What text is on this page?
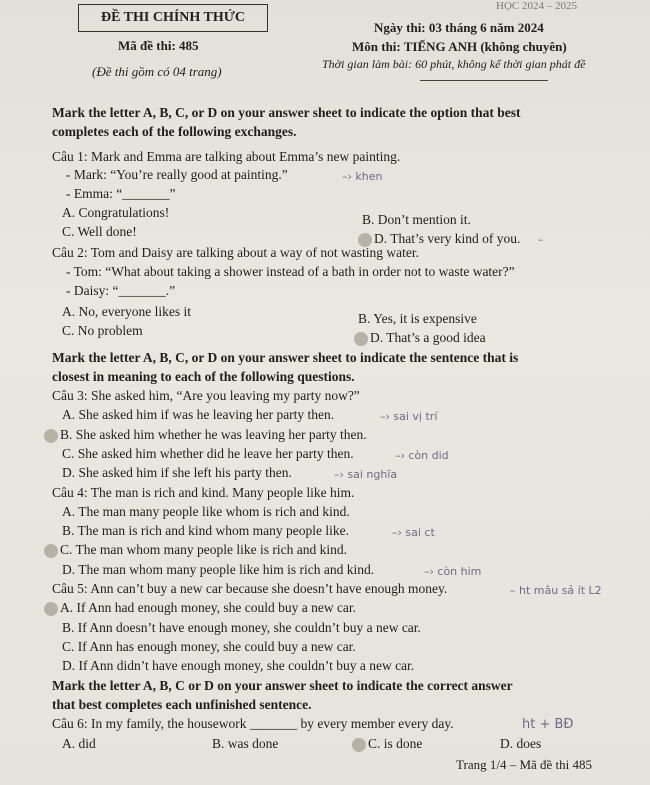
ĐỀ THI CHÍNH THỨC
HỌC 2024 – 2025
Mã đề thi: 485
(Đề thi gồm có 04 trang)
Ngày thi: 03 tháng 6 năm 2024
Môn thi: TIẾNG ANH (không chuyên)
Thời gian làm bài: 60 phút, không kể thời gian phát đề
Mark the letter A, B, C, or D on your answer sheet to indicate the option that best
completes each of the following exchanges.
Câu 1: Mark and Emma are talking about Emma’s new painting.
- Mark: “You’re really good at painting.”	–› khen
- Emma: “_______”
A. Congratulations!	B. Don’t mention it.
C. Well done!	D. That’s very kind of you. –
Câu 2: Tom and Daisy are talking about a way of not wasting water.
- Tom: “What about taking a shower instead of a bath in order not to waste water?”
- Daisy: “_______.”
A. No, everyone likes it	B. Yes, it is expensive
C. No problem	D. That’s a good idea
Mark the letter A, B, C, or D on your answer sheet to indicate the sentence that is
closest in meaning to each of the following questions.
Câu 3: She asked him, “Are you leaving my party now?”
A. She asked him if was he leaving her party then.	–› sai vị trí
B. She asked him whether he was leaving her party then.
C. She asked him whether did he leave her party then.	–› còn did
D. She asked him if she left his party then.	–› sai nghĩa
Câu 4: The man is rich and kind. Many people like him.
A. The man many people like whom is rich and kind.
B. The man is rich and kind whom many people like.	–› sai ct
C. The man whom many people like is rich and kind.
D. The man whom many people like him is rich and kind.	–› còn him
Câu 5: Ann can’t buy a new car because she doesn’t have enough money.	– ht mâu sả ít L2
A. If Ann had enough money, she could buy a new car.
B. If Ann doesn’t have enough money, she couldn’t buy a new car.
C. If Ann has enough money, she could buy a new car.
D. If Ann didn’t have enough money, she couldn’t buy a new car.
Mark the letter A, B, C or D on your answer sheet to indicate the correct answer
that best completes each unfinished sentence.
Câu 6: In my family, the housework _______ by every member every day.	ht + BĐ
A. did	B. was done	C. is done	D. does
Trang 1/4 – Mã đề thi 485
